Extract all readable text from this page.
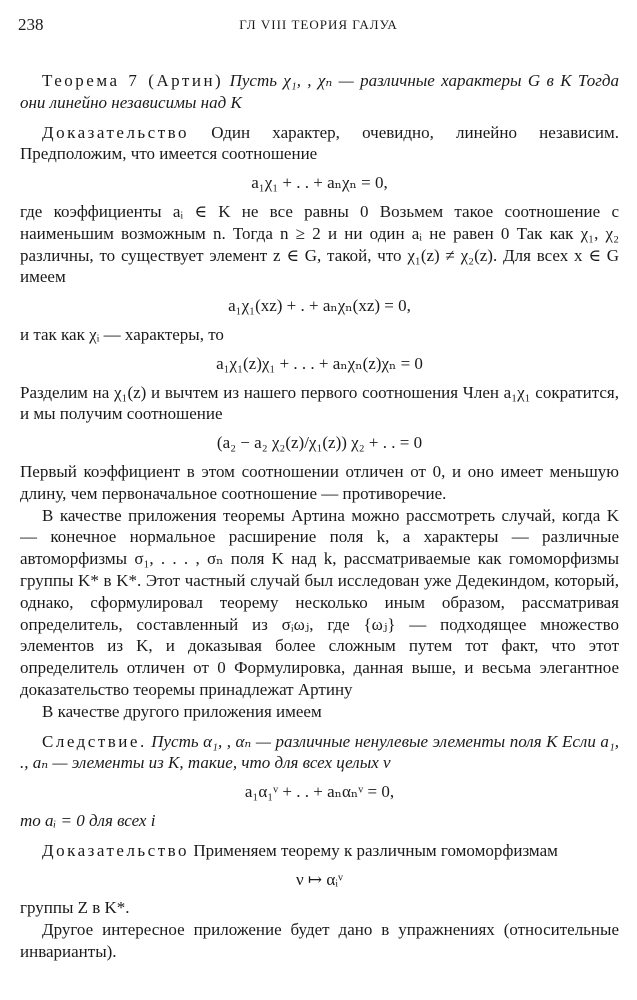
238	ГЛ VIII ТЕОРИЯ ГАЛУА

Теорема 7 (Артин) Пусть χ₁, , χₙ — различные характеры G в K Тогда они линейно независимы над K

Доказательство Один характер, очевидно, линейно независим. Предположим, что имеется соотношение

a₁χ₁ + . . + aₙχₙ = 0,

где коэффициенты aᵢ ∈ K не все равны 0 Возьмем такое соотношение с наименьшим возможным n. Тогда n ≥ 2 и ни один aᵢ не равен 0 Так как χ₁, χ₂ различны, то существует элемент z ∈ G, такой, что χ₁(z) ≠ χ₂(z). Для всех x ∈ G имеем

a₁χ₁(xz) + . + aₙχₙ(xz) = 0,

и так как χᵢ — характеры, то

a₁χ₁(z)χ₁ + . . . + aₙχₙ(z)χₙ = 0

Разделим на χ₁(z) и вычтем из нашего первого соотношения Член a₁χ₁ сократится, и мы получим соотношение

(a₂ − a₂ χ₂(z)/χ₁(z)) χ₂ + . . = 0

Первый коэффициент в этом соотношении отличен от 0, и оно имеет меньшую длину, чем первоначальное соотношение — противоречие.

В качестве приложения теоремы Артина можно рассмотреть случай, когда K — конечное нормальное расширение поля k, а характеры — различные автоморфизмы σ₁, . . . , σₙ поля K над k, рассматриваемые как гомоморфизмы группы K* в K*. Этот частный случай был исследован уже Дедекиндом, который, однако, сформулировал теорему несколько иным образом, рассматривая определитель, составленный из σᵢωⱼ, где {ωⱼ} — подходящее множество элементов из K, и доказывая более сложным путем тот факт, что этот определитель отличен от 0 Формулировка, данная выше, и весьма элегантное доказательство теоремы принадлежат Артину

В качестве другого приложения имеем

Следствие. Пусть α₁, , αₙ — различные ненулевые элементы поля K Если a₁, ., aₙ — элементы из K, такие, что для всех целых ν

a₁α₁ᵛ + . . + aₙαₙᵛ = 0,

то aᵢ = 0 для всех i

Доказательство Применяем теорему к различным гомоморфизмам

ν ↦ αᵢᵛ

группы Z в K*.

Другое интересное приложение будет дано в упражнениях (относительные инварианты).
